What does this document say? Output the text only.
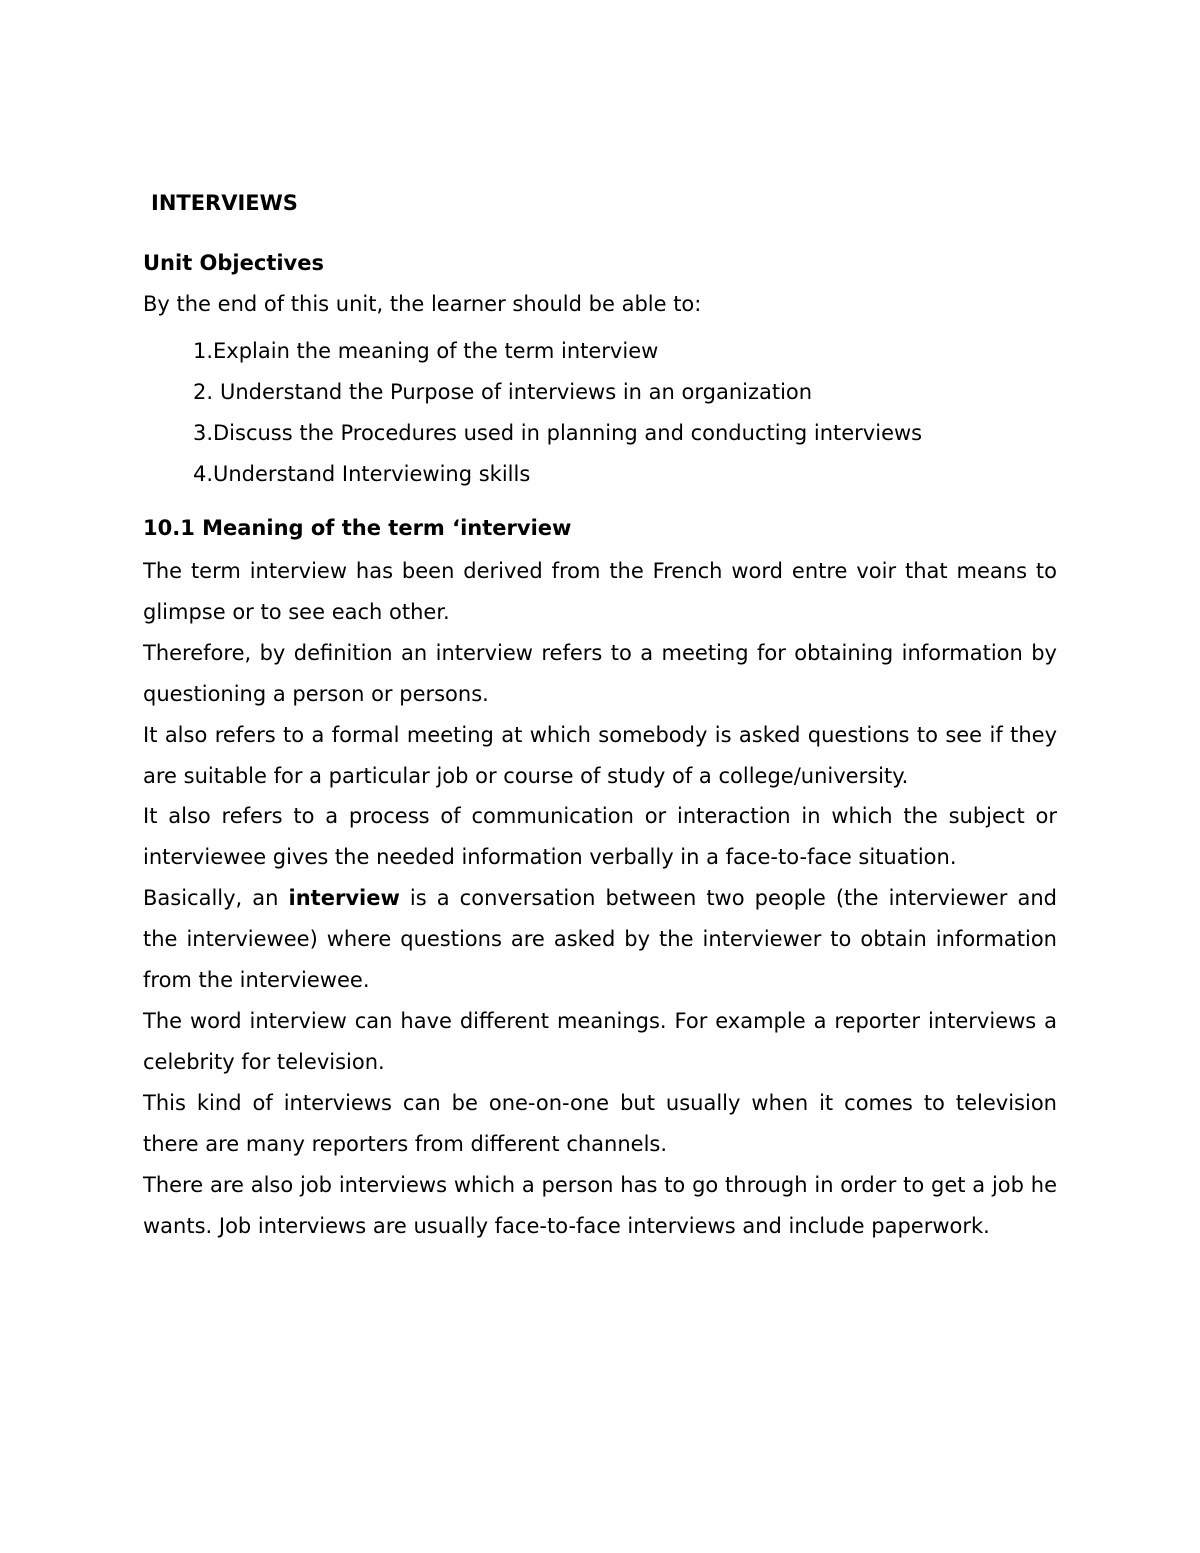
INTERVIEWS
Unit Objectives

By the end of this unit, the learner should be able to:

1. Explain the meaning of the term interview
2. Understand the Purpose of interviews in an organization
3. Discuss the Procedures used in planning and conducting interviews
4. Understand Interviewing skills
10.1 Meaning of the term ‘interview

The term interview has been derived from the French word entre voir that means to glimpse or to see each other.

Therefore, by definition an interview refers to a meeting for obtaining information by questioning a person or persons.

It also refers to a formal meeting at which somebody is asked questions to see if they are suitable for a particular job or course of study of a college/university.

It also refers to a process of communication or interaction in which the subject or interviewee gives the needed information verbally in a face-to-face situation.

Basically, an interview is a conversation between two people (the interviewer and the interviewee) where questions are asked by the interviewer to obtain information from the interviewee.

The word interview can have different meanings. For example a reporter interviews a celebrity for television.

This kind of interviews can be one-on-one but usually when it comes to television there are many reporters from different channels.

There are also job interviews which a person has to go through in order to get a job he wants. Job interviews are usually face-to-face interviews and include paperwork.
